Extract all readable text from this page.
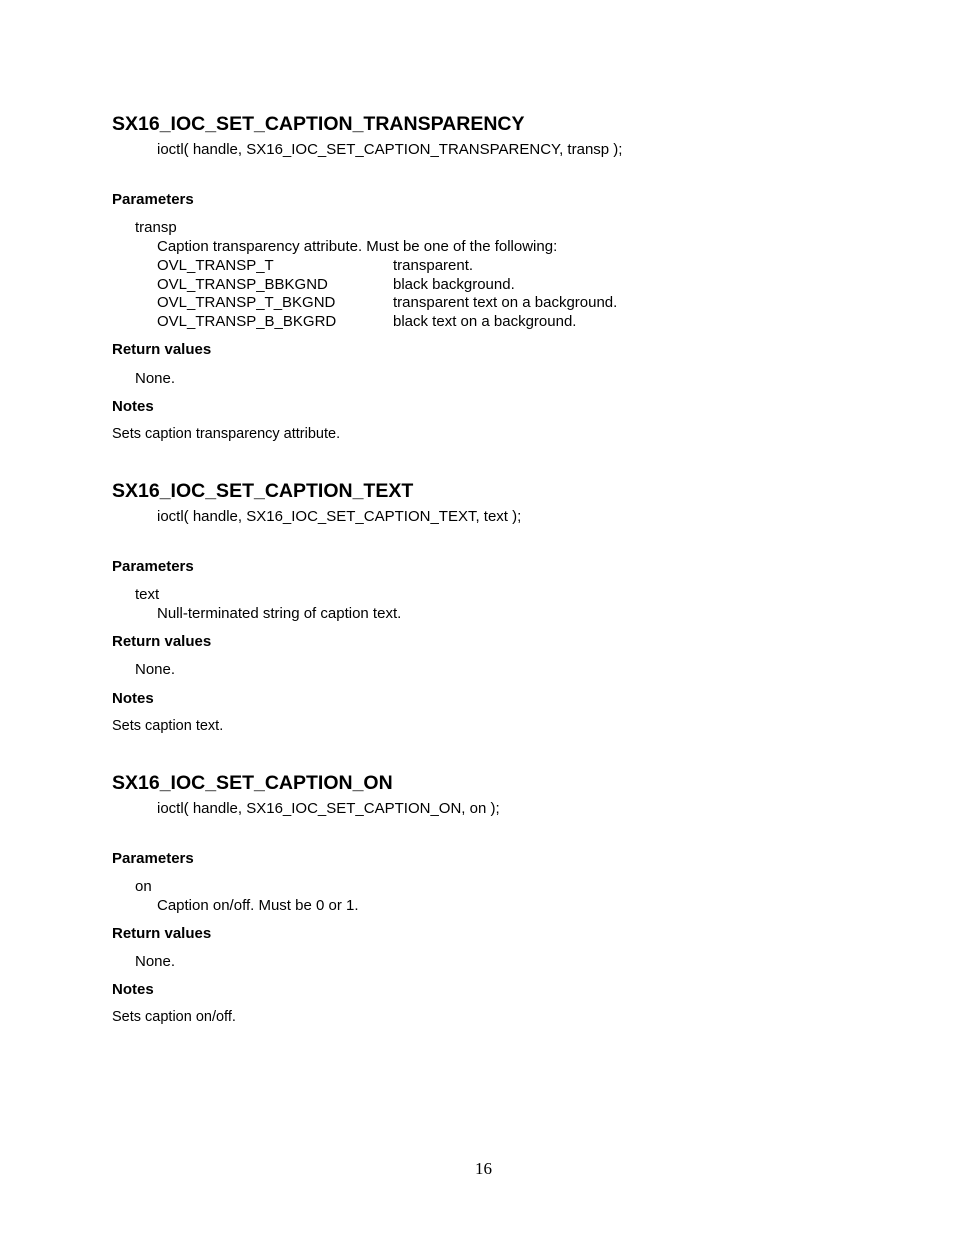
SX16_IOC_SET_CAPTION_TRANSPARENCY
ioctl( handle, SX16_IOC_SET_CAPTION_TRANSPARENCY, transp );
Parameters
transp
Caption transparency attribute. Must be one of the following:
OVL_TRANSP_T	transparent.
OVL_TRANSP_BBKGND	black background.
OVL_TRANSP_T_BKGND	transparent text on a background.
OVL_TRANSP_B_BKGRD	black text on a background.
Return values
None.
Notes
Sets caption transparency attribute.
SX16_IOC_SET_CAPTION_TEXT
ioctl( handle, SX16_IOC_SET_CAPTION_TEXT, text );
Parameters
text
Null-terminated string of caption text.
Return values
None.
Notes
Sets caption text.
SX16_IOC_SET_CAPTION_ON
ioctl( handle, SX16_IOC_SET_CAPTION_ON, on );
Parameters
on
Caption on/off. Must be 0 or 1.
Return values
None.
Notes
Sets caption on/off.
16
